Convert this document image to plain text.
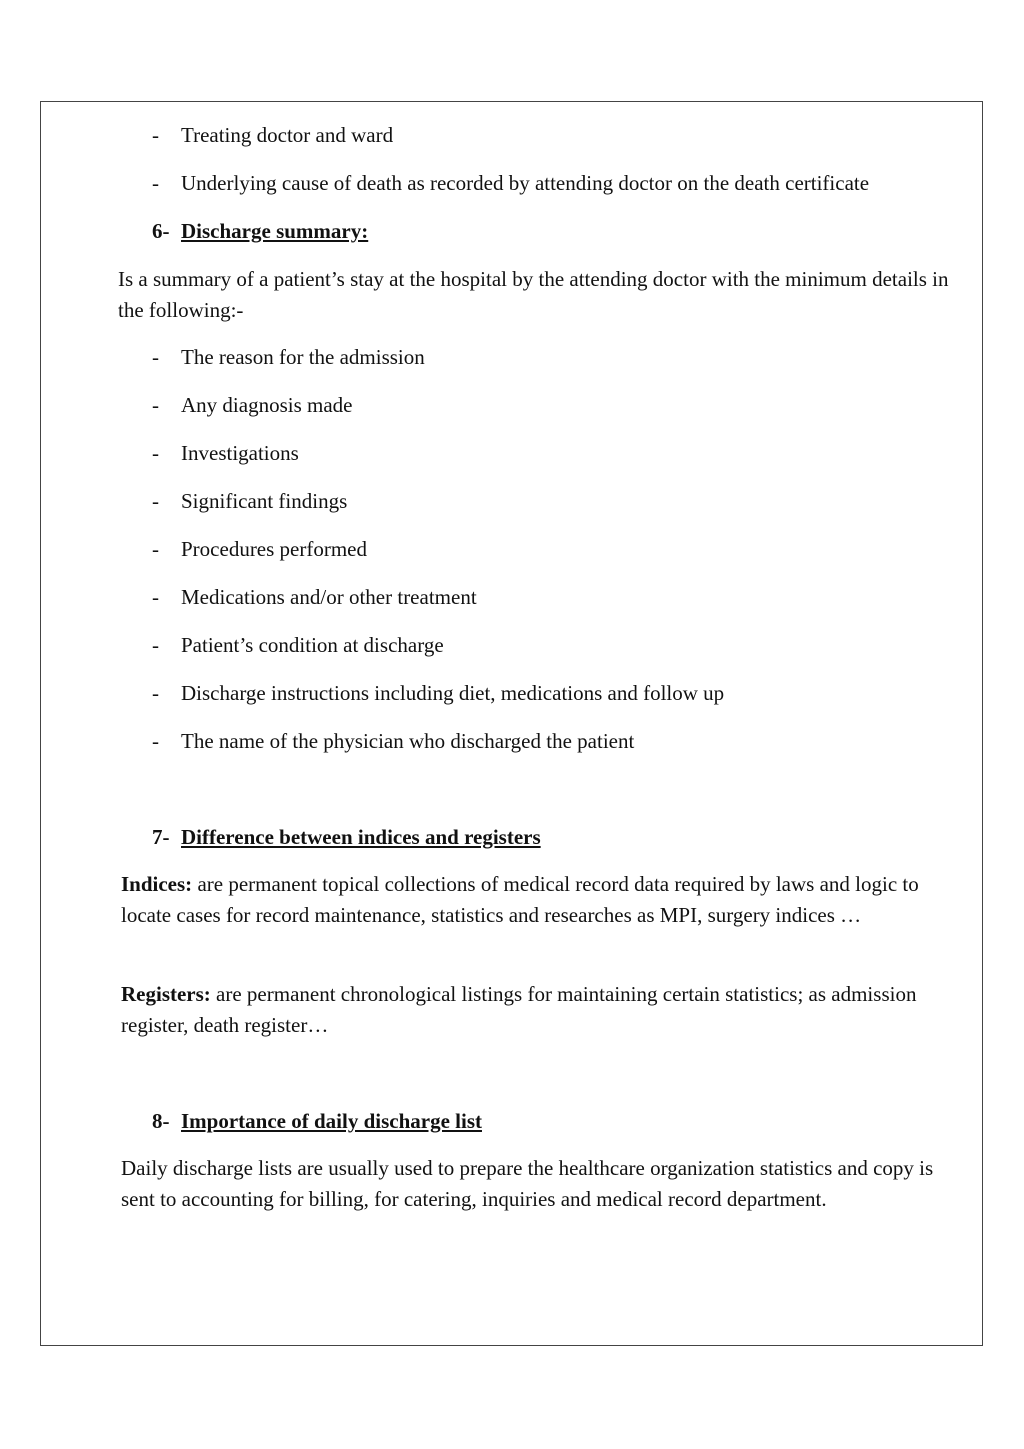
- Treating doctor and ward
- Underlying cause of death as recorded by attending doctor on the death certificate
6- Discharge summary:
Is a summary of a patient’s stay at the hospital by the attending doctor with the minimum details in the following:-
- The reason for the admission
- Any diagnosis made
- Investigations
- Significant findings
- Procedures performed
- Medications and/or other treatment
- Patient’s condition at discharge
- Discharge instructions including diet, medications and follow up
- The name of the physician who discharged the patient
7- Difference between indices and registers
Indices: are permanent topical collections of medical record data required by laws and logic to locate cases for record maintenance, statistics and researches as MPI, surgery indices …
Registers: are permanent chronological listings for maintaining certain statistics; as admission register, death register…
8- Importance of daily discharge list
Daily discharge lists are usually used to prepare the healthcare organization statistics and copy is sent to accounting for billing, for catering, inquiries and medical record department.
